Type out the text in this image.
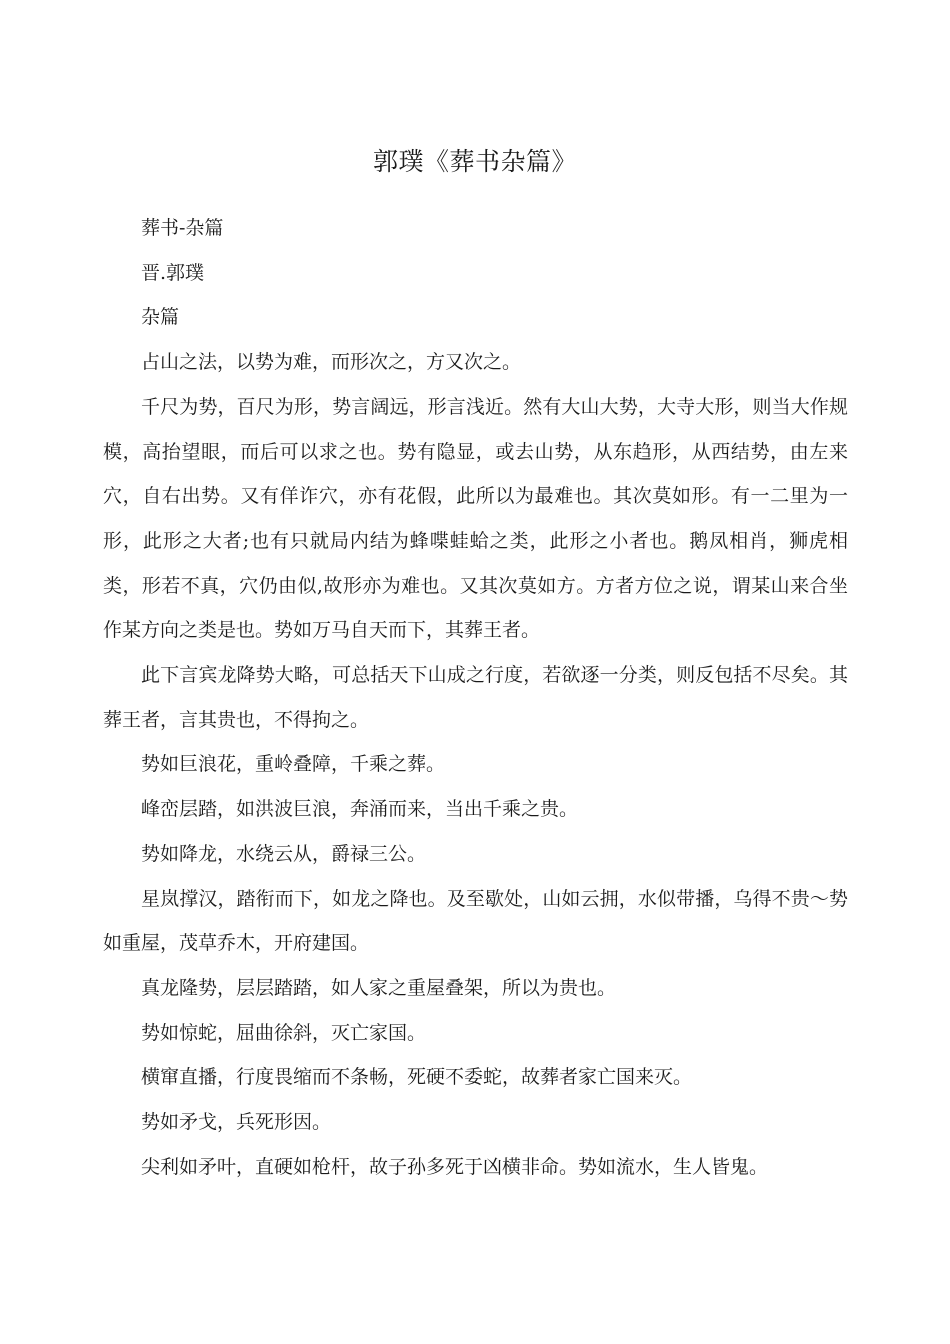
郭璞《葬书杂篇》

葬书-杂篇

晋.郭璞

杂篇

占山之法，以势为难，而形次之，方又次之。

千尺为势，百尺为形，势言阔远，形言浅近。然有大山大势，大寺大形，则当大作规模，高抬望眼，而后可以求之也。势有隐显，或去山势，从东趋形，从西结势，由左来穴，自右出势。又有佯诈穴，亦有花假，此所以为最难也。其次莫如形。有一二里为一形，此形之大者;也有只就局内结为蜂喋蛙蛤之类，此形之小者也。鹅凤相肖，狮虎相类，形若不真，穴仍由似,故形亦为难也。又其次莫如方。方者方位之说，谓某山来合坐作某方向之类是也。势如万马自天而下，其葬王者。

此下言宾龙降势大略，可总括天下山成之行度，若欲逐一分类，则反包括不尽矣。其葬王者，言其贵也，不得拘之。

势如巨浪花，重岭叠障，千乘之葬。

峰峦层踏，如洪波巨浪，奔涌而来，当出千乘之贵。

势如降龙，水绕云从，爵禄三公。

星岚撑汉，踏衔而下，如龙之降也。及至歇处，山如云拥，水似带播，乌得不贵〜势如重屋，茂草乔木，开府建国。

真龙隆势，层层踏踏，如人家之重屋叠架，所以为贵也。

势如惊蛇，屈曲徐斜，灭亡家国。

横窜直播，行度畏缩而不条畅，死硬不委蛇，故葬者家亡国来灭。

势如矛戈，兵死形因。

尖利如矛叶，直硬如枪杆，故子孙多死于凶横非命。势如流水，生人皆鬼。
